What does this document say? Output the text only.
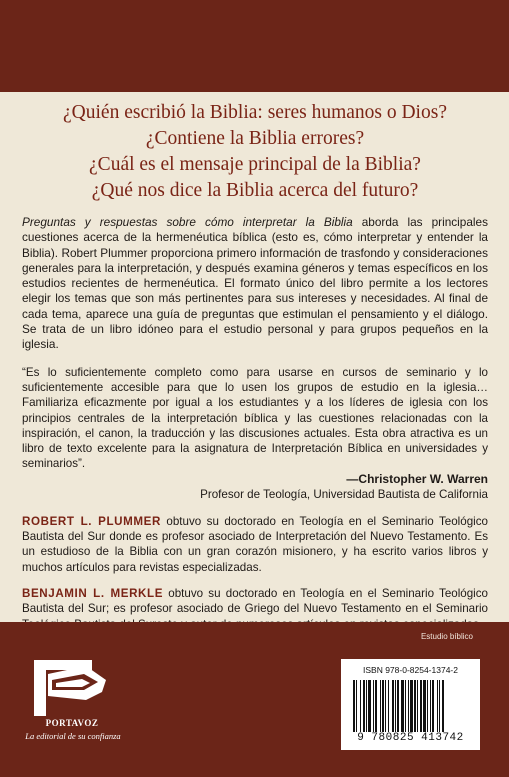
¿Quién escribió la Biblia: seres humanos o Dios?
¿Contiene la Biblia errores?
¿Cuál es el mensaje principal de la Biblia?
¿Qué nos dice la Biblia acerca del futuro?

Preguntas y respuestas sobre cómo interpretar la Biblia aborda las principales cuestiones acerca de la hermenéutica bíblica (esto es, cómo interpretar y entender la Biblia). Robert Plummer proporciona primero información de trasfondo y consideraciones generales para la interpretación, y después examina géneros y temas específicos en los estudios recientes de hermenéutica. El formato único del libro permite a los lectores elegir los temas que son más pertinentes para sus intereses y necesidades. Al final de cada tema, aparece una guía de preguntas que estimulan el pensamiento y el diálogo. Se trata de un libro idóneo para el estudio personal y para grupos pequeños en la iglesia.

“Es lo suficientemente completo como para usarse en cursos de seminario y lo suficientemente accesible para que lo usen los grupos de estudio en la iglesia… Familiariza eficazmente por igual a los estudiantes y a los líderes de iglesia con los principios centrales de la interpretación bíblica y las cuestiones relacionadas con la inspiración, el canon, la traducción y las discusiones actuales. Esta obra atractiva es un libro de texto excelente para la asignatura de Interpretación Bíblica en universidades y seminarios”.

—Christopher W. Warren
Profesor de Teología, Universidad Bautista de California

ROBERT L. PLUMMER obtuvo su doctorado en Teología en el Seminario Teológico Bautista del Sur donde es profesor asociado de Interpretación del Nuevo Testamento. Es un estudioso de la Biblia con un gran corazón misionero, y ha escrito varios libros y muchos artículos para revistas especializadas.

BENJAMIN L. MERKLE obtuvo su doctorado en Teología en el Seminario Teológico Bautista del Sur; es profesor asociado de Griego del Nuevo Testamento en el Seminario

PORTAVOZ
La editorial de su confianza
Estudio bíblico
ISBN 978-0-8254-1374-2
9 780825 413742
